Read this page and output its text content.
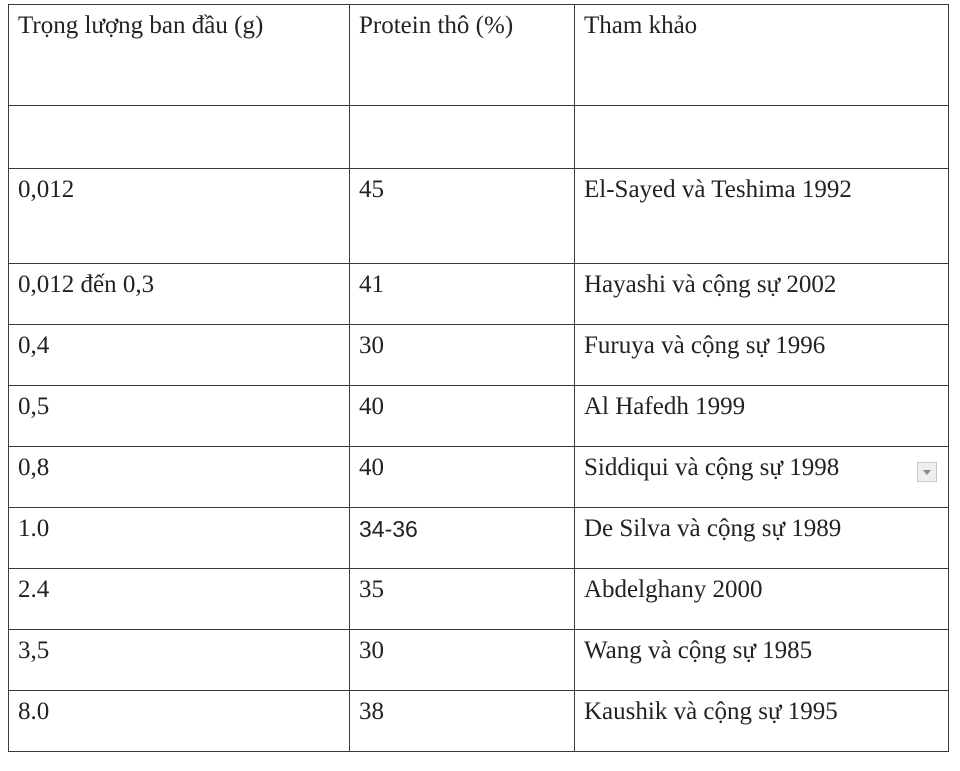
Trọng lượng ban đầu (g)	Protein thô (%)	Tham khảo

0,012	45	El-Sayed và Teshima 1992
0,012 đến 0,3	41	Hayashi và cộng sự 2002
0,4	30	Furuya và cộng sự 1996
0,5	40	Al Hafedh 1999
0,8	40	Siddiqui và cộng sự 1998
1.0	34-36	De Silva và cộng sự 1989
2.4	35	Abdelghany 2000
3,5	30	Wang và cộng sự 1985
8.0	38	Kaushik và cộng sự 1995
